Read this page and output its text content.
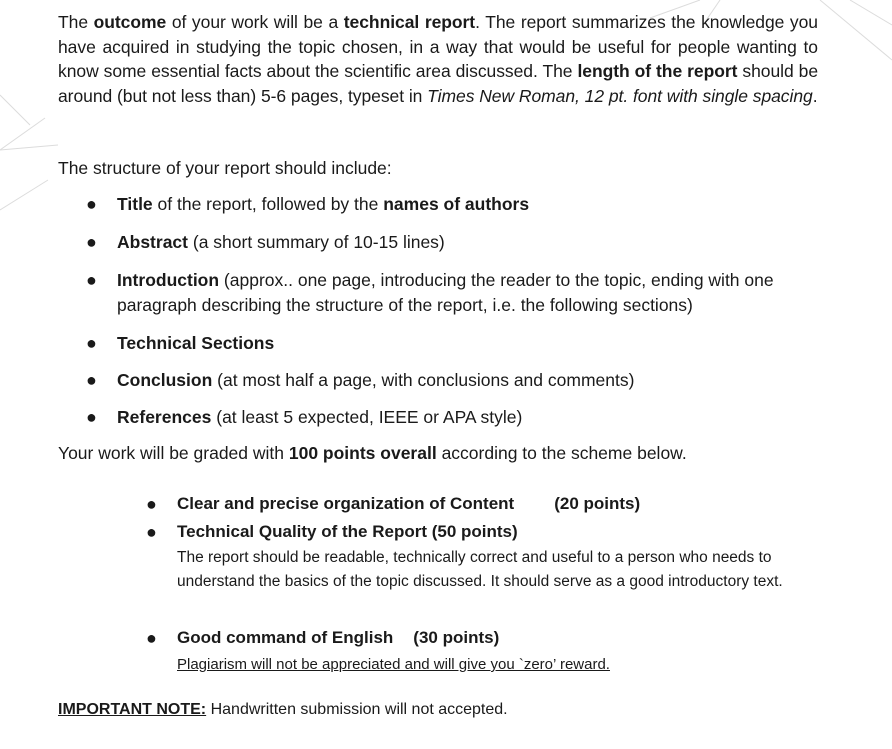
The outcome of your work will be a technical report. The report summarizes the knowledge you have acquired in studying the topic chosen, in a way that would be useful for people wanting to know some essential facts about the scientific area discussed. The length of the report should be around (but not less than) 5-6 pages, typeset in Times New Roman, 12 pt. font with single spacing.

The structure of your report should include:

● Title of the report, followed by the names of authors
● Abstract (a short summary of 10-15 lines)
● Introduction (approx.. one page, introducing the reader to the topic, ending with one paragraph describing the structure of the report, i.e. the following sections)
● Technical Sections
● Conclusion (at most half a page, with conclusions and comments)
● References (at least 5 expected, IEEE or APA style)

Your work will be graded with 100 points overall according to the scheme below.

● Clear and precise organization of Content (20 points)
● Technical Quality of the Report (50 points)
● Good command of English (30 points)

The report should be readable, technically correct and useful to a person who needs to understand the basics of the topic discussed. It should serve as a good introductory text.

Plagiarism will not be appreciated and will give you `zero’ reward.

IMPORTANT NOTE: Handwritten submission will not accepted.
